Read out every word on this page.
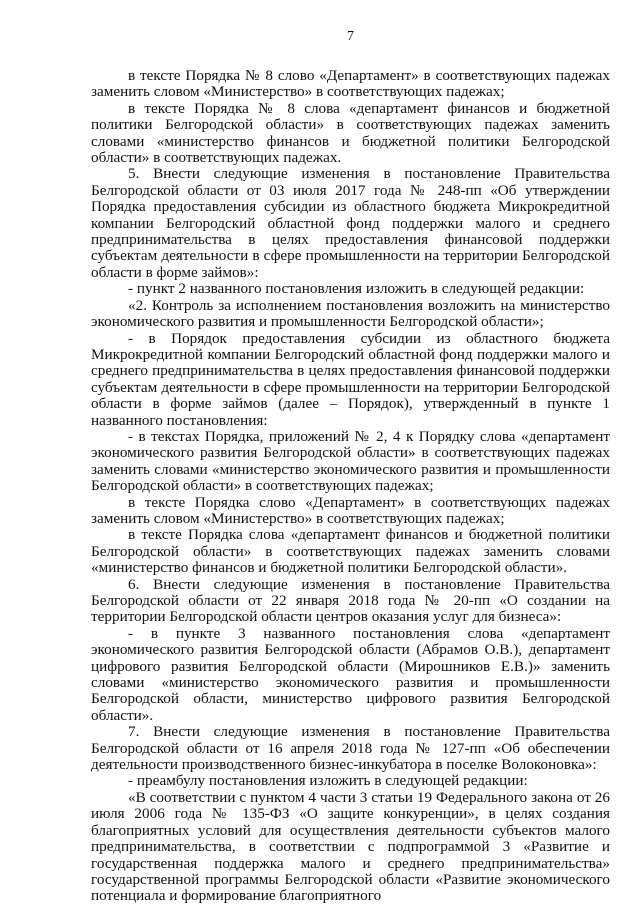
7

в тексте Порядка № 8 слово «Департамент» в соответствующих падежах заменить словом «Министерство» в соответствующих падежах;

в тексте Порядка № 8 слова «департамент финансов и бюджетной политики Белгородской области» в соответствующих падежах заменить словами «министерство финансов и бюджетной политики Белгородской области» в соответствующих падежах.

5. Внести следующие изменения в постановление Правительства Белгородской области от 03 июля 2017 года № 248-пп «Об утверждении Порядка предоставления субсидии из областного бюджета Микрокредитной компании Белгородский областной фонд поддержки малого и среднего предпринимательства в целях предоставления финансовой поддержки субъектам деятельности в сфере промышленности на территории Белгородской области в форме займов»:

- пункт 2 названного постановления изложить в следующей редакции:

«2. Контроль за исполнением постановления возложить на министерство экономического развития и промышленности Белгородской области»;

- в Порядок предоставления субсидии из областного бюджета Микрокредитной компании Белгородский областной фонд поддержки малого и среднего предпринимательства в целях предоставления финансовой поддержки субъектам деятельности в сфере промышленности на территории Белгородской области в форме займов (далее – Порядок), утвержденный в пункте 1 названного постановления:

- в текстах Порядка, приложений № 2, 4 к Порядку слова «департамент экономического развития Белгородской области» в соответствующих падежах заменить словами «министерство экономического развития и промышленности Белгородской области» в соответствующих падежах;

в тексте Порядка слово «Департамент» в соответствующих падежах заменить словом «Министерство» в соответствующих падежах;

в тексте Порядка слова «департамент финансов и бюджетной политики Белгородской области» в соответствующих падежах заменить словами «министерство финансов и бюджетной политики Белгородской области».

6. Внести следующие изменения в постановление Правительства Белгородской области от 22 января 2018 года № 20-пп «О создании на территории Белгородской области центров оказания услуг для бизнеса»:

- в пункте 3 названного постановления слова «департамент экономического развития Белгородской области (Абрамов О.В.), департамент цифрового развития Белгородской области (Мирошников Е.В.)» заменить словами «министерство экономического развития и промышленности Белгородской области, министерство цифрового развития Белгородской области».

7. Внести следующие изменения в постановление Правительства Белгородской области от 16 апреля 2018 года № 127-пп «Об обеспечении деятельности производственного бизнес-инкубатора в поселке Волоконовка»:

- преамбулу постановления изложить в следующей редакции:

«В соответствии с пунктом 4 части 3 статьи 19 Федерального закона от 26 июля 2006 года № 135-ФЗ «О защите конкуренции», в целях создания благоприятных условий для осуществления деятельности субъектов малого предпринимательства, в соответствии с подпрограммой 3 «Развитие и государственная поддержка малого и среднего предпринимательства» государственной программы Белгородской области «Развитие экономического потенциала и формирование благоприятного
